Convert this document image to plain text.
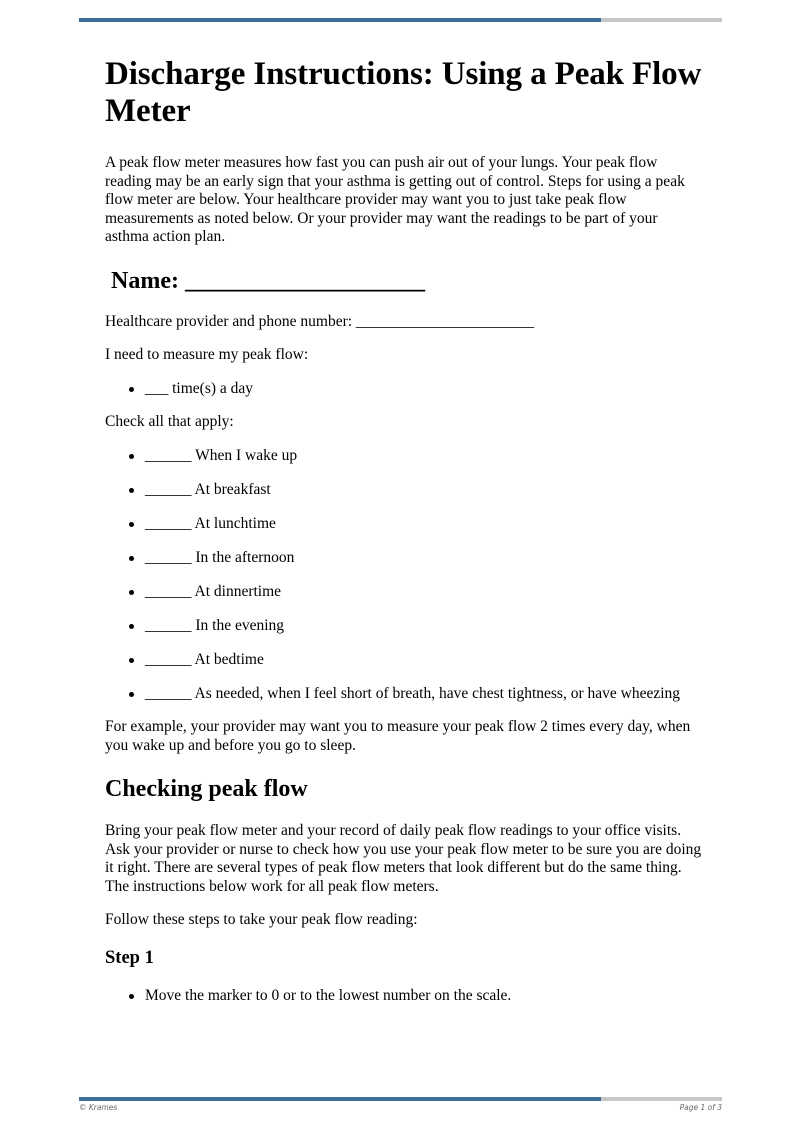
Discharge Instructions: Using a Peak Flow Meter

A peak flow meter measures how fast you can push air out of your lungs. Your peak flow reading may be an early sign that your asthma is getting out of control. Steps for using a peak flow meter are below. Your healthcare provider may want you to just take peak flow measurements as noted below. Or your provider may want the readings to be part of your asthma action plan.

Name: ____________________

Healthcare provider and phone number: _______________________

I need to measure my peak flow:

___ time(s) a day

Check all that apply:

______ When I wake up
______ At breakfast
______ At lunchtime
______ In the afternoon
______ At dinnertime
______ In the evening
______ At bedtime
______ As needed, when I feel short of breath, have chest tightness, or have wheezing

For example, your provider may want you to measure your peak flow 2 times every day, when you wake up and before you go to sleep.

Checking peak flow

Bring your peak flow meter and your record of daily peak flow readings to your office visits. Ask your provider or nurse to check how you use your peak flow meter to be sure you are doing it right. There are several types of peak flow meters that look different but do the same thing. The instructions below work for all peak flow meters.

Follow these steps to take your peak flow reading:

Step 1
Move the marker to 0 or to the lowest number on the scale.
© Krames	Page 1 of 3
